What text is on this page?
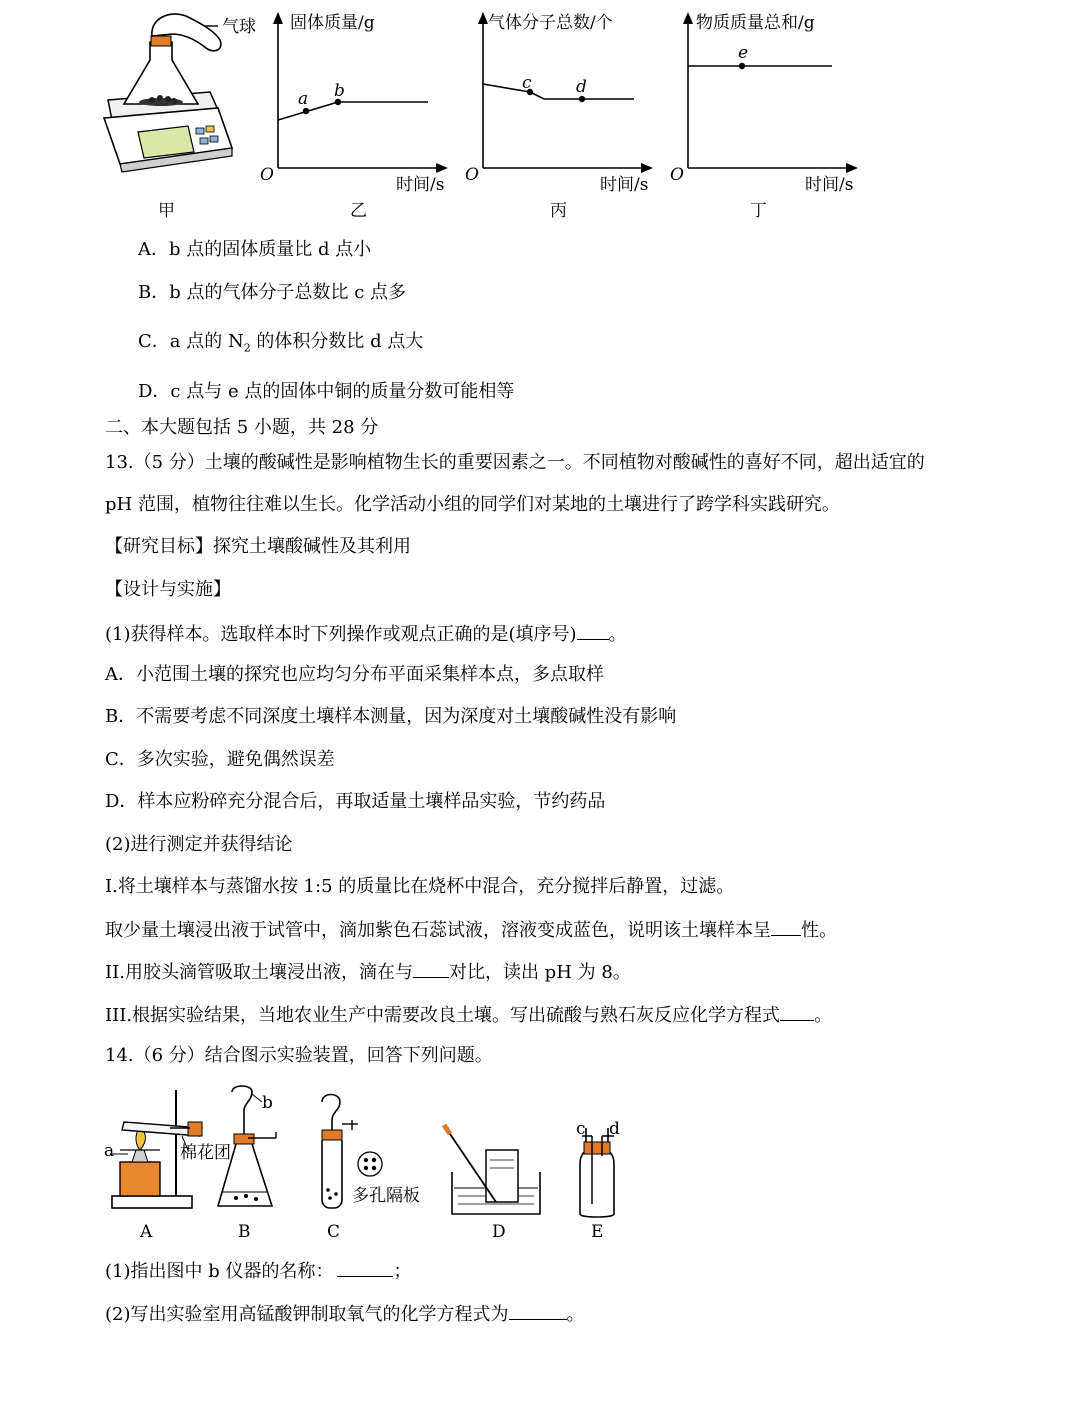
气球
甲
a b
固体质量/g
时间/s
O
乙
c	d
气体分子总数/个
时间/s
O
丙
e
物质质量总和/g
时间/s
O
丁
A．b 点的固体质量比 d 点小
B．b 点的气体分子总数比 c 点多
C．a 点的 $N_2$ 的体积分数比 d 点大
D．c 点与 e 点的固体中铜的质量分数可能相等
二、本大题包括 5 小题，共 28 分
13.（5 分）土壤的酸碱性是影响植物生长的重要因素之一。不同植物对酸碱性的喜好不同，超出适宜的
pH 范围，植物往往难以生长。化学活动小组的同学们对某地的土壤进行了跨学科实践研究。
【研究目标】探究土壤酸碱性及其利用
【设计与实施】
(1)获得样本。选取样本时下列操作或观点正确的是(填序号) 。
A．小范围土壤的探究也应均匀分布平面采集样本点，多点取样
B．不需要考虑不同深度土壤样本测量，因为深度对土壤酸碱性没有影响
C．多次实验，避免偶然误差
D．样本应粉碎充分混合后，再取适量土壤样品实验，节约药品
(2)进行测定并获得结论
I.将土壤样本与蒸馏水按 1:5 的质量比在烧杯中混合，充分搅拌后静置，过滤。
取少量土壤浸出液于试管中，滴加紫色石蕊试液，溶液变成蓝色，说明该土壤样本呈 性。
II.用胶头滴管吸取土壤浸出液，滴在与 对比，读出 pH 为 8。
III.根据实验结果，当地农业生产中需要改良土壤。写出硫酸与熟石灰反应化学方程式 。
14.（6 分）结合图示实验装置，回答下列问题。
a	棉花团
A
b
B
多孔隔板
C	D
c d
E
(1)指出图中 b 仪器的名称：	；
(2)写出实验室用高锰酸钾制取氧气的化学方程式为	。
